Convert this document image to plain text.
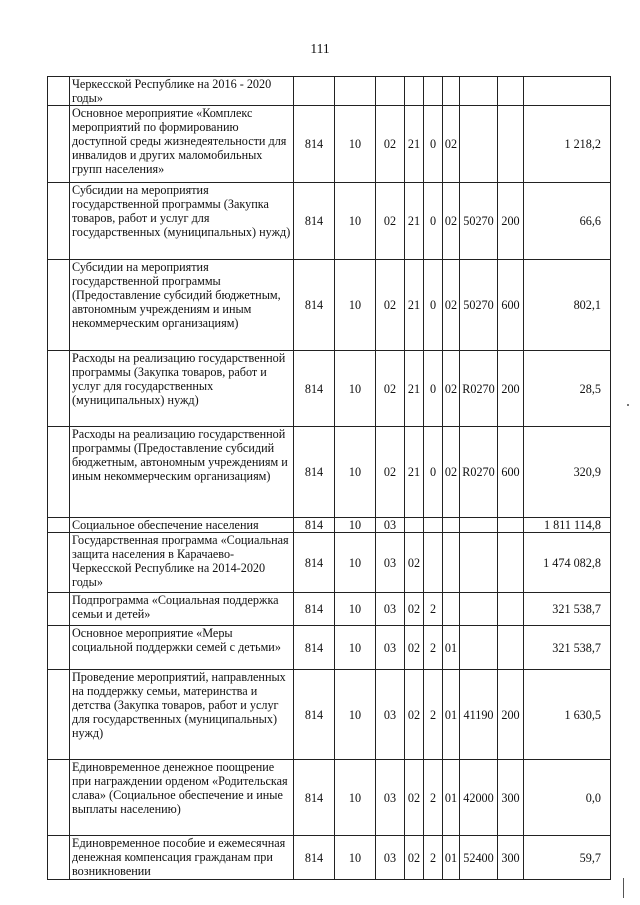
111
	Черкесской Республике на 2016 - 2020 годы»									
	Основное мероприятие «Комплекс мероприятий по формированию доступной среды жизнедеятельности для инвалидов и других маломобильных групп населения»	814	10	02	21	0	02			1 218,2
	Субсидии на мероприятия государственной программы (Закупка товаров, работ и услуг для государственных (муниципальных) нужд)	814	10	02	21	0	02	50270	200	66,6
	Субсидии на мероприятия государственной программы (Предоставление субсидий бюджетным, автономным учреждениям и иным некоммерческим организациям)	814	10	02	21	0	02	50270	600	802,1
	Расходы на реализацию государственной программы (Закупка товаров, работ и услуг для государственных (муниципальных) нужд)	814	10	02	21	0	02	R0270	200	28,5
	Расходы на реализацию государственной программы (Предоставление субсидий бюджетным, автономным учреждениям и иным некоммерческим организациям)	814	10	02	21	0	02	R0270	600	320,9
	Социальное обеспечение населения	814	10	03						1 811 114,8
	Государственная программа «Социальная защита населения в Карачаево-Черкесской Республике на 2014-2020 годы»	814	10	03	02					1 474 082,8
	Подпрограмма «Социальная поддержка семьи и детей»	814	10	03	02	2				321 538,7
	Основное мероприятие «Меры социальной поддержки семей с детьми»	814	10	03	02	2	01			321 538,7
	Проведение мероприятий, направленных на поддержку семьи, материнства и детства (Закупка товаров, работ и услуг для государственных (муниципальных) нужд)	814	10	03	02	2	01	41190	200	1 630,5
	Единовременное денежное поощрение при награждении орденом «Родительская слава» (Социальное обеспечение и иные выплаты населению)	814	10	03	02	2	01	42000	300	0,0
	Единовременное пособие и ежемесячная денежная компенсация гражданам при возникновении	814	10	03	02	2	01	52400	300	59,7
